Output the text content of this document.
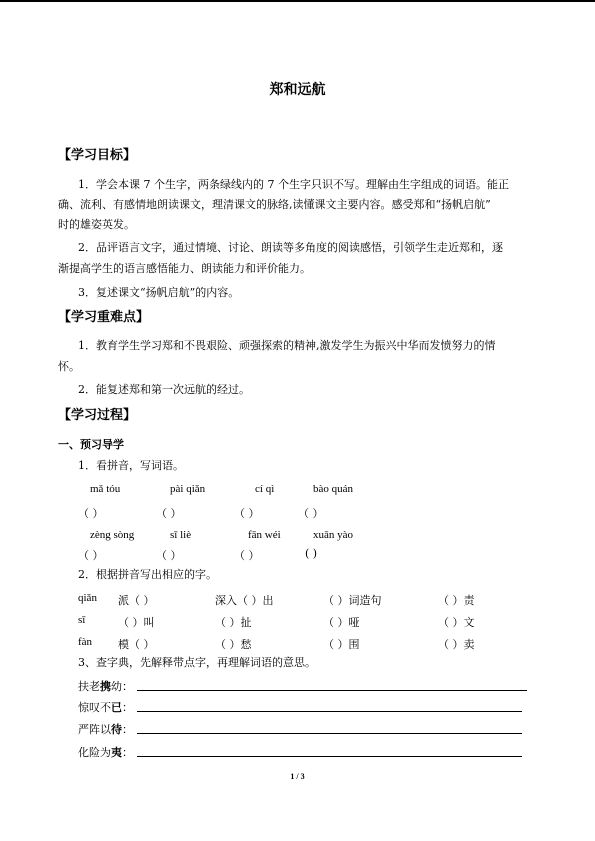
郑和远航
【学习目标】
1．学会本课 7 个生字，两条绿线内的 7 个生字只识不写。理解由生字组成的词语。能正
确、流利、有感情地朗读课文，理清课文的脉络,读懂课文主要内容。感受郑和“扬帆启航”
时的雄姿英发。
2．品评语言文字，通过情境、讨论、朗读等多角度的阅读感悟，引领学生走近郑和，逐
渐提高学生的语言感悟能力、朗读能力和评价能力。
3．复述课文“扬帆启航”的内容。
【学习重难点】
1．教育学生学习郑和不畏艰险、顽强探索的精神,激发学生为振兴中华而发愤努力的情
怀。
2．能复述郑和第一次远航的经过。
【学习过程】
一、预习导学
1．看拼音，写词语。
mǎ tóu	pài qiǎn	cí qì	bào quán
（ ）	（ ）	（ ）	（ ）
zèng sòng	sī liè	fān wéi	xuān yào
（ ）	（ ）	（ ）	( )
2．根据拼音写出相应的字。
qiǎn 派（ ）	深入（ ）出	（ ）词造句	（ ）责
sī	（ ）叫	（ ）扯	（ ）哑	（ ）文
fàn 模（ ）	（ ）愁	（ ）围	（ ）卖
3、查字典，先解释带点字，再理解词语的意思。
扶老携幼：
惊叹不已：
严阵以待：
化险为夷：
1 / 3
